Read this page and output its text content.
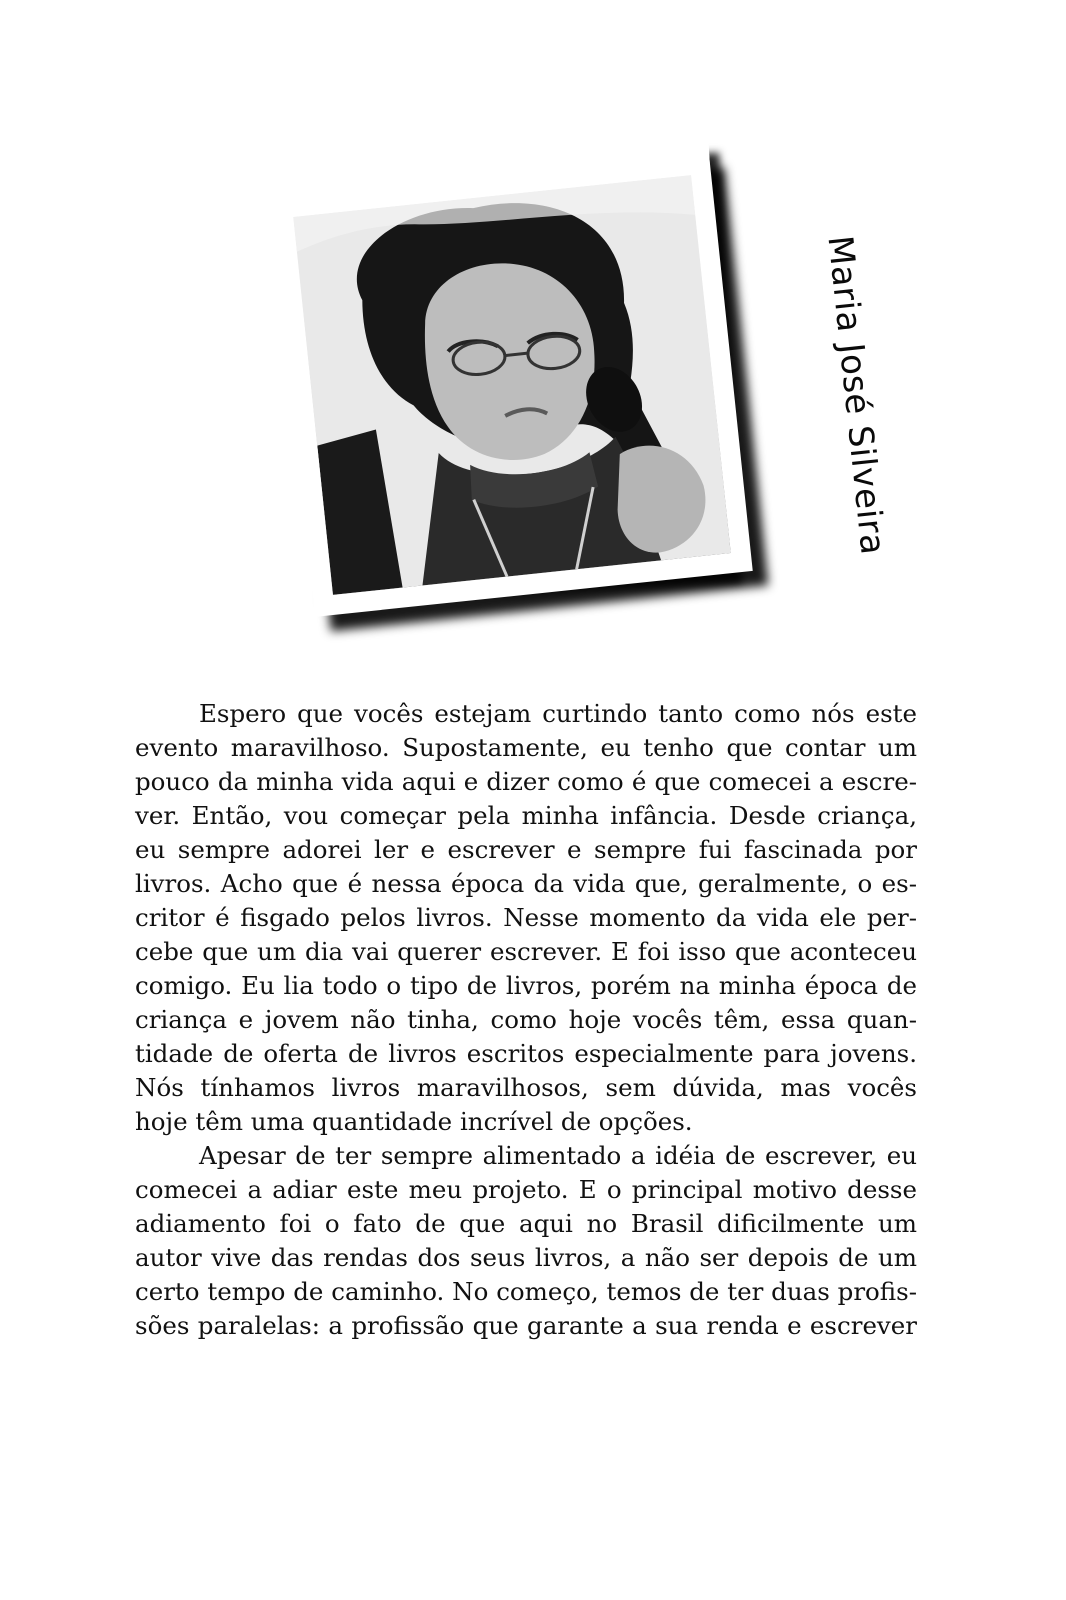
Maria José Silveira

Espero que vocês estejam curtindo tanto como nós este
evento maravilhoso. Supostamente, eu tenho que contar um
pouco da minha vida aqui e dizer como é que comecei a escre-
ver. Então, vou começar pela minha infância. Desde criança,
eu sempre adorei ler e escrever e sempre fui fascinada por
livros. Acho que é nessa época da vida que, geralmente, o es-
critor é fisgado pelos livros. Nesse momento da vida ele per-
cebe que um dia vai querer escrever. E foi isso que aconteceu
comigo. Eu lia todo o tipo de livros, porém na minha época de
criança e jovem não tinha, como hoje vocês têm, essa quan-
tidade de oferta de livros escritos especialmente para jovens.
Nós tínhamos livros maravilhosos, sem dúvida, mas vocês
hoje têm uma quantidade incrível de opções.

Apesar de ter sempre alimentado a idéia de escrever, eu
comecei a adiar este meu projeto. E o principal motivo desse
adiamento foi o fato de que aqui no Brasil dificilmente um
autor vive das rendas dos seus livros, a não ser depois de um
certo tempo de caminho. No começo, temos de ter duas profis-
sões paralelas: a profissão que garante a sua renda e escrever
